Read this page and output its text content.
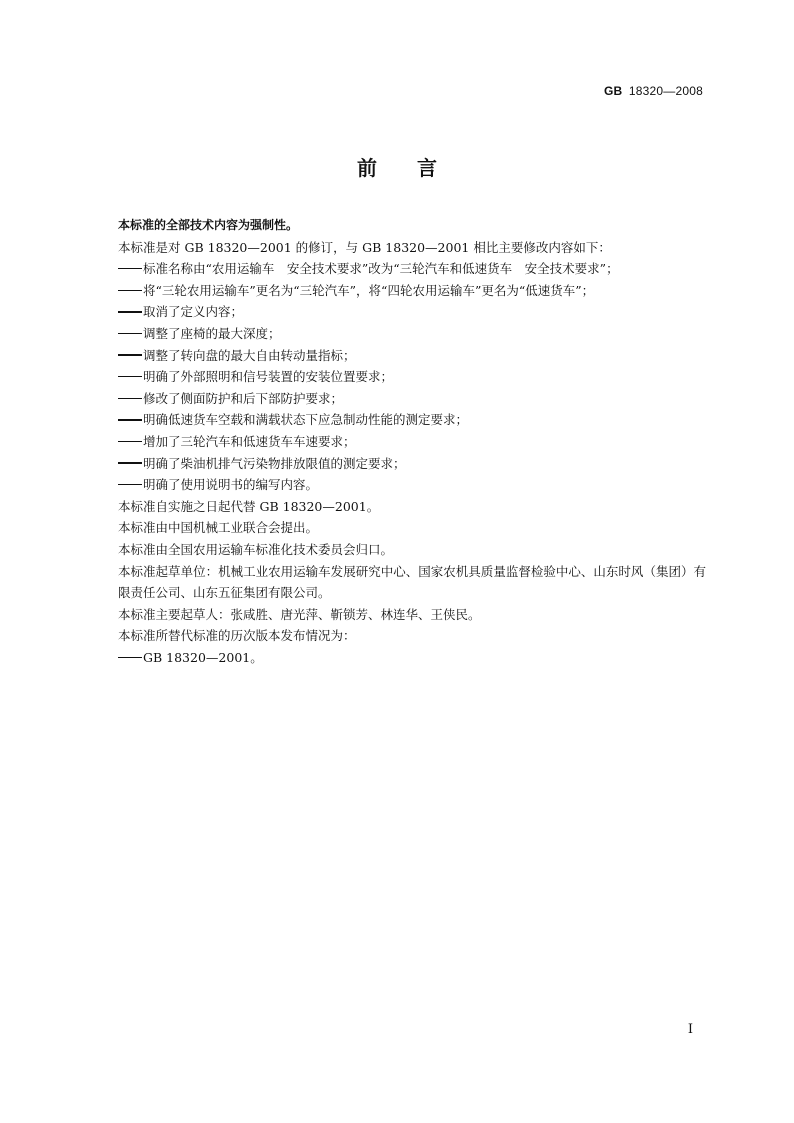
GB 18320—2008
前言
本标准的全部技术内容为强制性。
本标准是对 GB 18320—2001 的修订，与 GB 18320—2001 相比主要修改内容如下：
标准名称由“农用运输车　安全技术要求”改为“三轮汽车和低速货车　安全技术要求”；
将“三轮农用运输车”更名为“三轮汽车”，将“四轮农用运输车”更名为“低速货车”；
取消了定义内容；
调整了座椅的最大深度；
调整了转向盘的最大自由转动量指标；
明确了外部照明和信号装置的安装位置要求；
修改了侧面防护和后下部防护要求；
明确低速货车空载和满载状态下应急制动性能的测定要求；
增加了三轮汽车和低速货车车速要求；
明确了柴油机排气污染物排放限值的测定要求；
明确了使用说明书的编写内容。
本标准自实施之日起代替 GB 18320—2001。
本标准由中国机械工业联合会提出。
本标准由全国农用运输车标准化技术委员会归口。
本标准起草单位：机械工业农用运输车发展研究中心、国家农机具质量监督检验中心、山东时风（集团）有限责任公司、山东五征集团有限公司。
本标准主要起草人：张咸胜、唐光萍、靳锁芳、林连华、王侠民。
本标准所替代标准的历次版本发布情况为：
GB 18320—2001。
I
